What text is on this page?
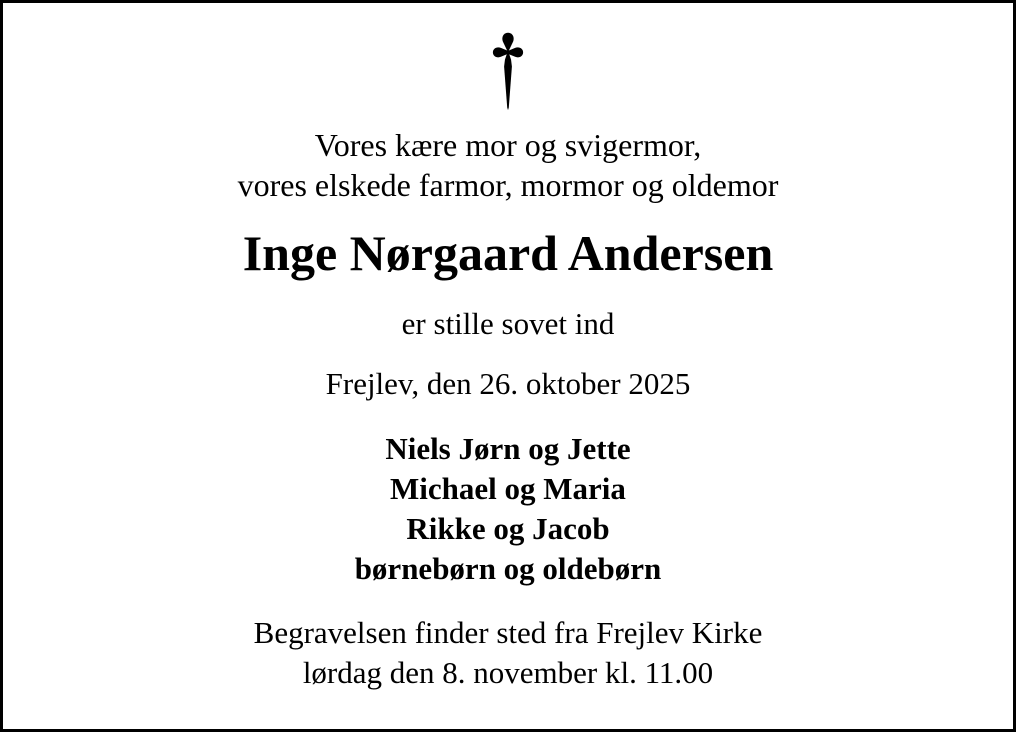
Vores kære mor og svigermor,

vores elskede farmor, mormor og oldemor

Inge Nørgaard Andersen
er stille sovet ind
Frejlev, den 26. oktober 2025

Niels Jørn og Jette

Michael og Maria

Rikke og Jacob

børnebørn og oldebørn

Begravelsen finder sted fra Frejlev Kirke

lørdag den 8. november kl. 11.00
